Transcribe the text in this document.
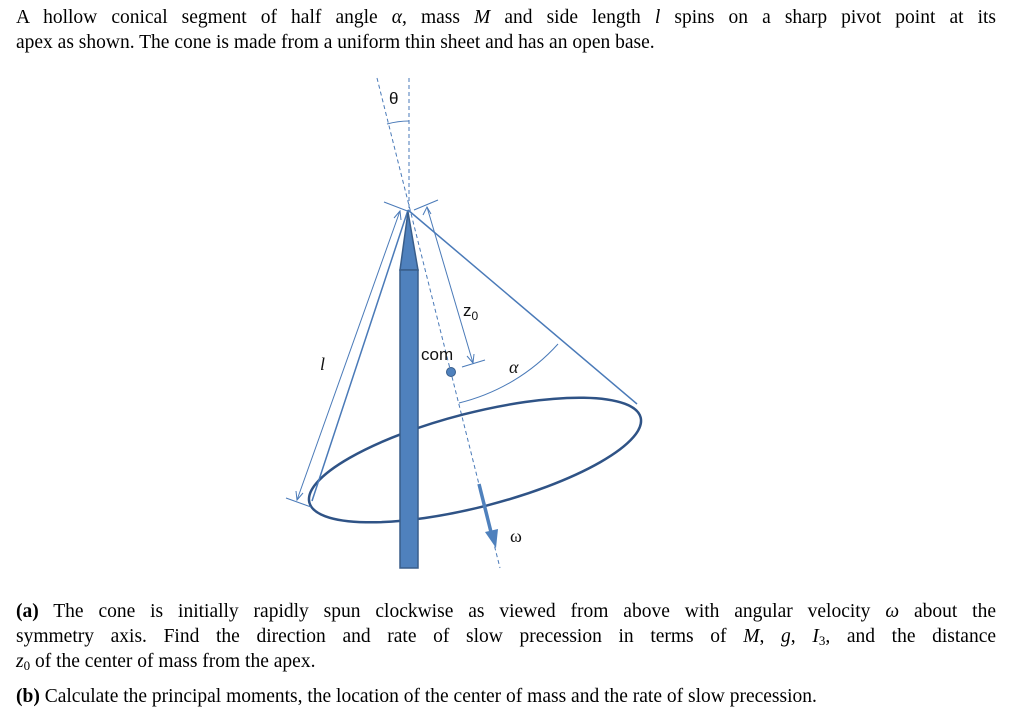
A hollow conical segment of half angle α, mass M and side length l spins on a sharp pivot point at its
apex as shown. The cone is made from a uniform thin sheet and has an open base.
θ
l
$z_0$
com
α
ω
(a) The cone is initially rapidly spun clockwise as viewed from above with angular velocity ω about the
symmetry axis. Find the direction and rate of slow precession in terms of M, g, $I_3$, and the distance
$z_0$ of the center of mass from the apex.
(b) Calculate the principal moments, the location of the center of mass and the rate of slow precession.
